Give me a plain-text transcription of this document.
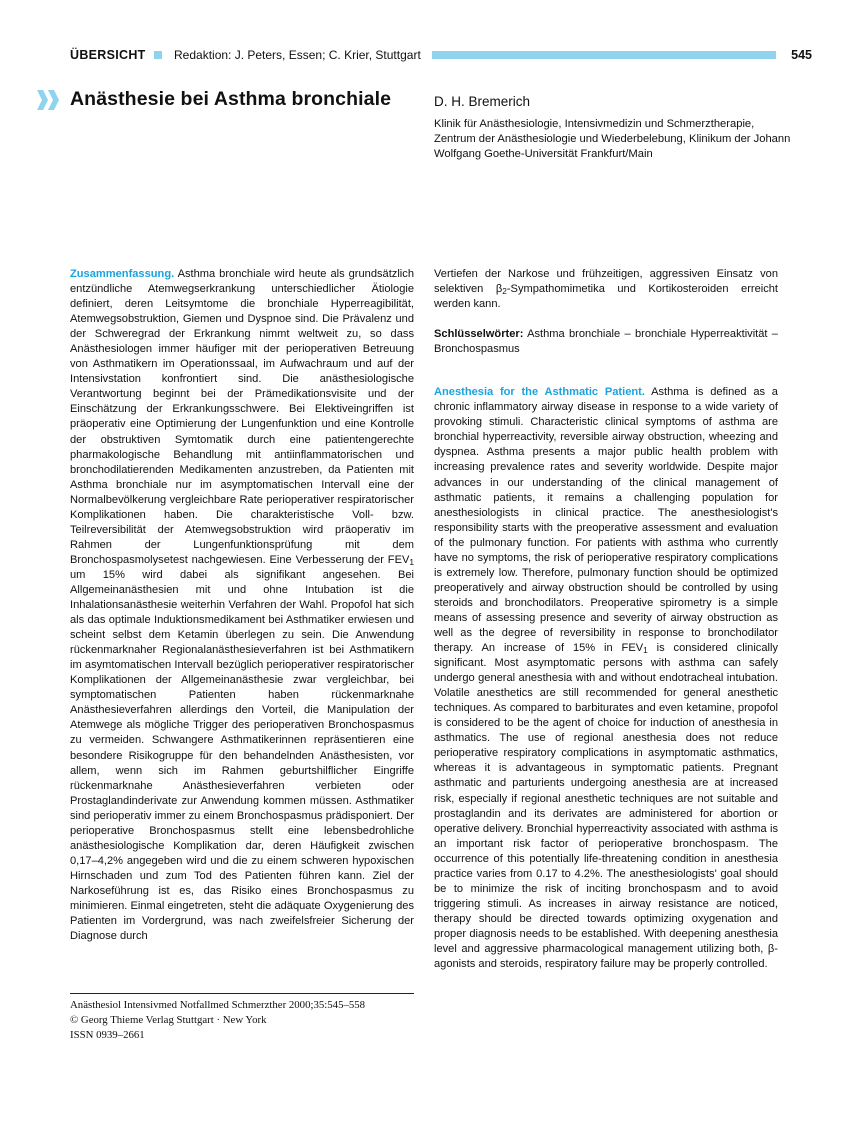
ÜBERSICHT Redaktion: J. Peters, Essen; C. Krier, Stuttgart	545
Anästhesie bei Asthma bronchiale	D. H. Bremerich
Klinik für Anästhesiologie, Intensivmedizin und Schmerztherapie, Zentrum der Anästhesiologie und Wiederbelebung, Klinikum der Johann Wolfgang Goethe-Universität Frankfurt/Main

Zusammenfassung. Asthma bronchiale wird heute als grundsätzlich entzündliche Atemwegserkrankung unterschiedlicher Ätiologie definiert, deren Leitsymtome die bronchiale Hyperreagibilität, Atemwegsobstruktion, Giemen und Dyspnoe sind. Die Prävalenz und der Schweregrad der Erkrankung nimmt weltweit zu, so dass Anästhesiologen immer häufiger mit der perioperativen Betreuung von Asthmatikern im Operationssaal, im Aufwachraum und auf der Intensivstation konfrontiert sind. Die anästhesiologische Verantwortung beginnt bei der Prämedikationsvisite und der Einschätzung der Erkrankungsschwere. Bei Elektiveingriffen ist präoperativ eine Optimierung der Lungenfunktion und eine Kontrolle der obstruktiven Symtomatik durch eine patientengerechte pharmakologische Behandlung mit antiinflammatorischen und bronchodilatierenden Medikamenten anzustreben, da Patienten mit Asthma bronchiale nur im asymptomatischen Intervall eine der Normalbevölkerung vergleichbare Rate perioperativer respiratorischer Komplikationen haben. Die charakteristische Voll- bzw. Teilreversibilität der Atemwegsobstruktion wird präoperativ im Rahmen der Lungenfunktionsprüfung mit dem Bronchospasmolysetest nachgewiesen. Eine Verbesserung der $FEV_1$ um 15% wird dabei als signifikant angesehen. Bei Allgemeinanästhesien mit und ohne Intubation ist die Inhalationsanästhesie weiterhin Verfahren der Wahl. Propofol hat sich als das optimale Induktionsmedikament bei Asthmatiker erwiesen und scheint selbst dem Ketamin überlegen zu sein. Die Anwendung rückenmarknaher Regionalanästhesieverfahren ist bei Asthmatikern im asymtomatischen Intervall bezüglich perioperativer respiratorischer Komplikationen der Allgemeinanästhesie zwar vergleichbar, bei symptomatischen Patienten haben rückenmarknahe Anästhesieverfahren allerdings den Vorteil, die Manipulation der Atemwege als mögliche Trigger des perioperativen Bronchospasmus zu vermeiden. Schwangere Asthmatikerinnen repräsentieren eine besondere Risikogruppe für den behandelnden Anästhesisten, vor allem, wenn sich im Rahmen geburtshilflicher Eingriffe rückenmarknahe Anästhesieverfahren verbieten oder Prostaglandinderivate zur Anwendung kommen müssen. Asthmatiker sind perioperativ immer zu einem Bronchospasmus prädisponiert. Der perioperative Bronchospasmus stellt eine lebensbedrohliche anästhesiologische Komplikation dar, deren Häufigkeit zwischen 0,17–4,2% angegeben wird und die zu einem schweren hypoxischen Hirnschaden und zum Tod des Patienten führen kann. Ziel der Narkoseführung ist es, das Risiko eines Bronchospasmus zu minimieren. Einmal eingetreten, steht die adäquate Oxygenierung des Patienten im Vordergrund, was nach zweifelsfreier Sicherung der Diagnose durch

Vertiefen der Narkose und frühzeitigen, aggressiven Einsatz von selektiven $\beta_2$-Sympathomimetika und Kortikosteroiden erreicht werden kann.

Schlüsselwörter: Asthma bronchiale – bronchiale Hyperreaktivität – Bronchospasmus

Anesthesia for the Asthmatic Patient. Asthma is defined as a chronic inflammatory airway disease in response to a wide variety of provoking stimuli. Characteristic clinical symptoms of asthma are bronchial hyperreactivity, reversible airway obstruction, wheezing and dyspnea. Asthma presents a major public health problem with increasing prevalence rates and severity worldwide. Despite major advances in our understanding of the clinical management of asthmatic patients, it remains a challenging population for anesthesiologists in clinical practice. The anesthesiologist's responsibility starts with the preoperative assessment and evaluation of the pulmonary function. For patients with asthma who currently have no symptoms, the risk of perioperative respiratory complications is extremely low. Therefore, pulmonary function should be optimized preoperatively and airway obstruction should be controlled by using steroids and bronchodilators. Preoperative spirometry is a simple means of assessing presence and severity of airway obstruction as well as the degree of reversibility in response to bronchodilator therapy. An increase of 15% in $FEV_1$ is considered clinically significant. Most asymptomatic persons with asthma can safely undergo general anesthesia with and without endotracheal intubation. Volatile anesthetics are still recommended for general anesthetic techniques. As compared to barbiturates and even ketamine, propofol is considered to be the agent of choice for induction of anesthesia in asthmatics. The use of regional anesthesia does not reduce perioperative respiratory complications in asymptomatic asthmatics, whereas it is advantageous in symptomatic patients. Pregnant asthmatic and parturients undergoing anesthesia are at increased risk, especially if regional anesthetic techniques are not suitable and prostaglandin and its derivates are administered for abortion or operative delivery. Bronchial hyperreactivity associated with asthma is an important risk factor of perioperative bronchospasm. The occurrence of this potentially life-threatening condition in anesthesia practice varies from 0.17 to 4.2%. The anesthesiologists' goal should be to minimize the risk of inciting bronchospasm and to avoid triggering stimuli. As increases in airway resistance are noticed, therapy should be directed towards optimizing oxygenation and proper diagnosis needs to be established. With deepening anesthesia level and aggressive pharmacological management utilizing both, β-agonists and steroids, respiratory failure may be properly controlled.

Anästhesiol Intensivmed Notfallmed Schmerzther 2000;35:545–558
© Georg Thieme Verlag Stuttgart · New York
ISSN 0939–2661
